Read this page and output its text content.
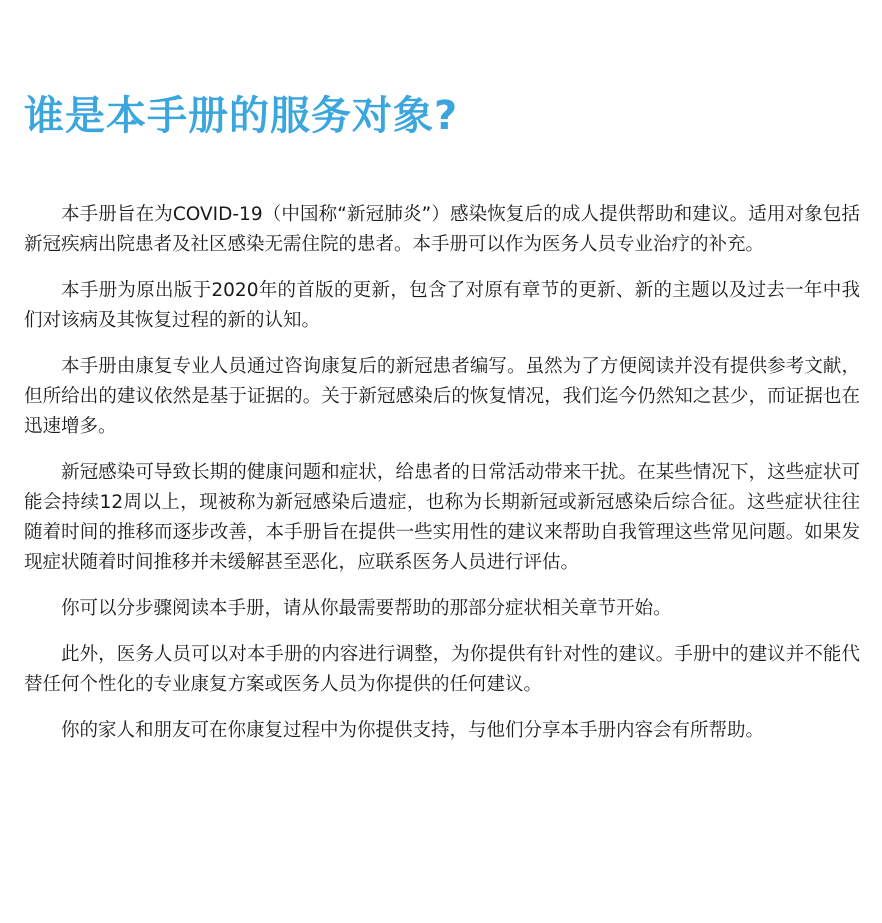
谁是本手册的服务对象?

本手册旨在为COVID-19（中国称“新冠肺炎”）感染恢复后的成人提供帮助和建议。适用对象包括新冠疾病出院患者及社区感染无需住院的患者。本手册可以作为医务人员专业治疗的补充。

本手册为原出版于2020年的首版的更新，包含了对原有章节的更新、新的主题以及过去一年中我们对该病及其恢复过程的新的认知。

本手册由康复专业人员通过咨询康复后的新冠患者编写。虽然为了方便阅读并没有提供参考文献，但所给出的建议依然是基于证据的。关于新冠感染后的恢复情况，我们迄今仍然知之甚少，而证据也在迅速增多。

新冠感染可导致长期的健康问题和症状，给患者的日常活动带来干扰。在某些情况下，这些症状可能会持续12周以上，现被称为新冠感染后遗症，也称为长期新冠或新冠感染后综合征。这些症状往往随着时间的推移而逐步改善，本手册旨在提供一些实用性的建议来帮助自我管理这些常见问题。如果发现症状随着时间推移并未缓解甚至恶化，应联系医务人员进行评估。

你可以分步骤阅读本手册，请从你最需要帮助的那部分症状相关章节开始。

此外，医务人员可以对本手册的内容进行调整，为你提供有针对性的建议。手册中的建议并不能代替任何个性化的专业康复方案或医务人员为你提供的任何建议。

你的家人和朋友可在你康复过程中为你提供支持，与他们分享本手册内容会有所帮助。
